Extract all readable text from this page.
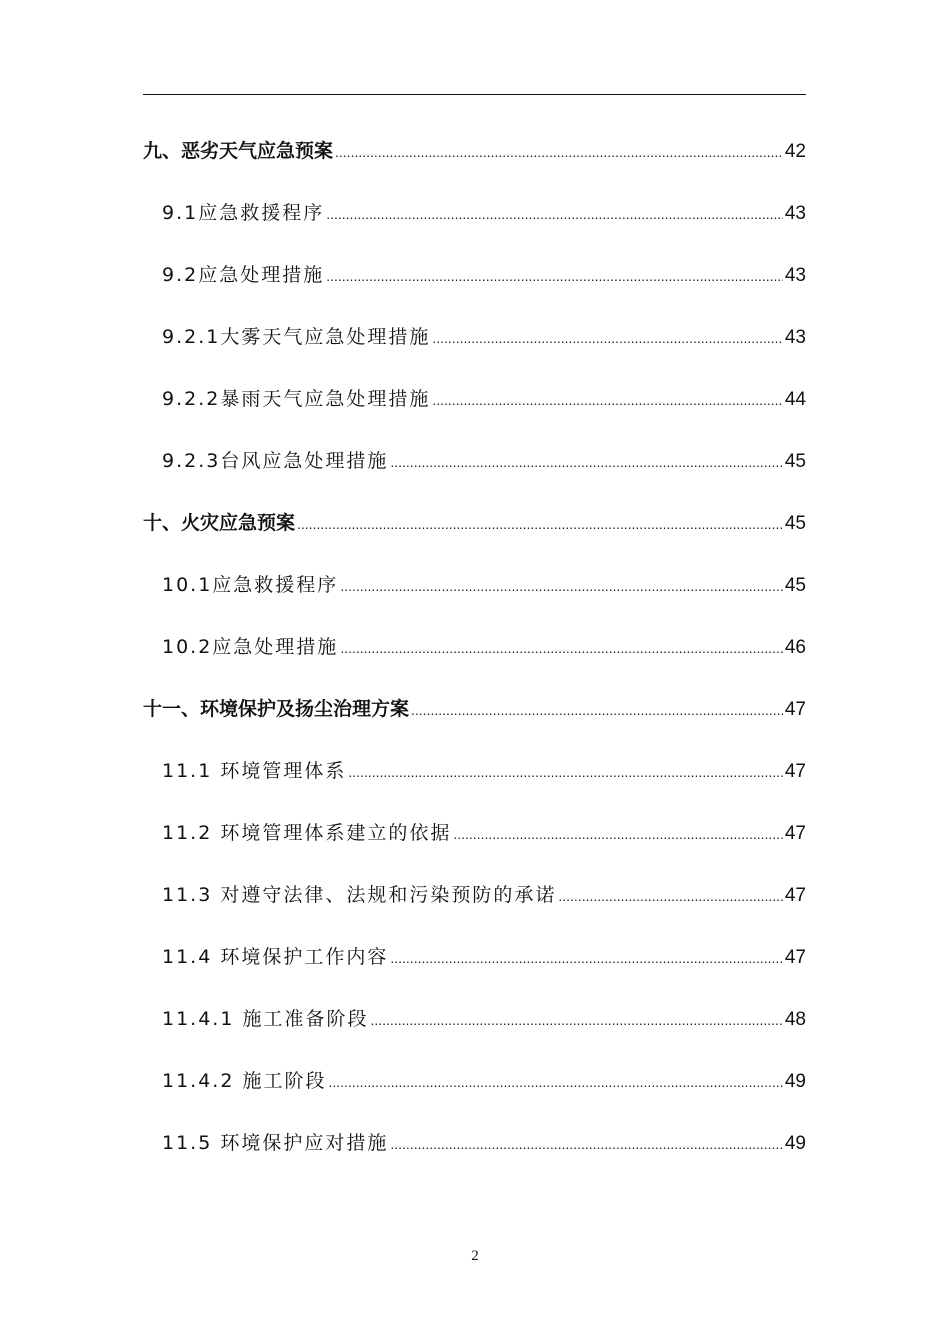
九、恶劣天气应急预案 .....	42
9.1应急救援程序 .....	43
9.2应急处理措施 .....	43
9.2.1大雾天气应急处理措施 .....	43
9.2.2暴雨天气应急处理措施 .....	44
9.2.3台风应急处理措施 .....	45
十、火灾应急预案 .....	45
10.1应急救援程序 .....	45
10.2应急处理措施 .....	46
十一、环境保护及扬尘治理方案 .....	47
11.1 环境管理体系 .....	47
11.2 环境管理体系建立的依据 .....	47
11.3 对遵守法律、法规和污染预防的承诺 .....	47
11.4 环境保护工作内容 .....	47
11.4.1 施工准备阶段 .....	48
11.4.2 施工阶段 .....	49
11.5 环境保护应对措施 .....	49
2
